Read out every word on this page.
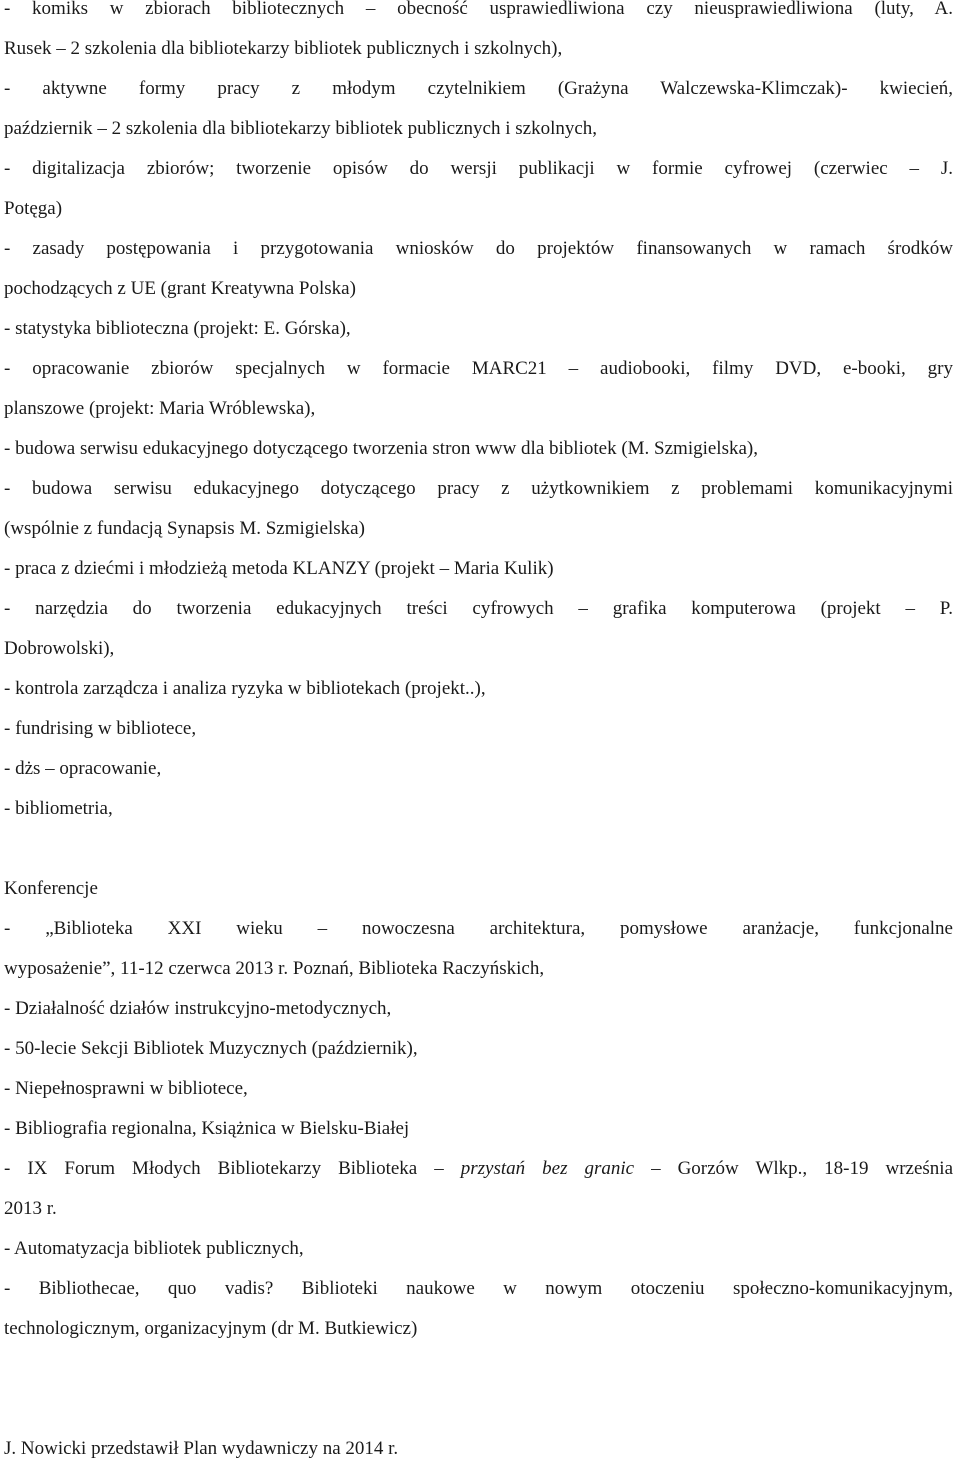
- komiks w zbiorach bibliotecznych – obecność usprawiedliwiona czy nieusprawiedliwiona (luty, A.
Rusek – 2 szkolenia dla bibliotekarzy bibliotek publicznych i szkolnych),
- aktywne formy pracy z młodym czytelnikiem (Grażyna Walczewska-Klimczak)- kwiecień,
październik – 2 szkolenia dla bibliotekarzy bibliotek publicznych i szkolnych,
- digitalizacja zbiorów; tworzenie opisów do wersji publikacji w formie cyfrowej (czerwiec – J.
Potęga)
- zasady postępowania i przygotowania wniosków do projektów finansowanych w ramach środków
pochodzących z UE (grant Kreatywna Polska)
- statystyka biblioteczna (projekt: E. Górska),
- opracowanie zbiorów specjalnych w formacie MARC21 – audiobooki, filmy DVD, e-booki, gry
planszowe (projekt: Maria Wróblewska),
- budowa serwisu edukacyjnego dotyczącego tworzenia stron www dla bibliotek (M. Szmigielska),
- budowa serwisu edukacyjnego dotyczącego pracy z użytkownikiem z problemami komunikacyjnymi
(wspólnie z fundacją Synapsis M. Szmigielska)
- praca z dziećmi i młodzieżą metoda KLANZY (projekt – Maria Kulik)
- narzędzia do tworzenia edukacyjnych treści cyfrowych – grafika komputerowa (projekt – P.
Dobrowolski),
- kontrola zarządcza i analiza ryzyka w bibliotekach (projekt..),
- fundrising w bibliotece,
- dżs – opracowanie,
- bibliometria,
Konferencje
- „Biblioteka XXI wieku – nowoczesna architektura, pomysłowe aranżacje, funkcjonalne
wyposażenie”, 11-12 czerwca 2013 r. Poznań, Biblioteka Raczyńskich,
- Działalność działów instrukcyjno-metodycznych,
- 50-lecie Sekcji Bibliotek Muzycznych (październik),
- Niepełnosprawni w bibliotece,
- Bibliografia regionalna, Książnica w Bielsku-Białej
- IX Forum Młodych Bibliotekarzy Biblioteka – przystań bez granic – Gorzów Wlkp., 18-19 września
2013 r.
- Automatyzacja bibliotek publicznych,
- Bibliothecae, quo vadis? Biblioteki naukowe w nowym otoczeniu społeczno-komunikacyjnym,
technologicznym, organizacyjnym (dr M. Butkiewicz)
J. Nowicki przedstawił Plan wydawniczy na 2014 r.
